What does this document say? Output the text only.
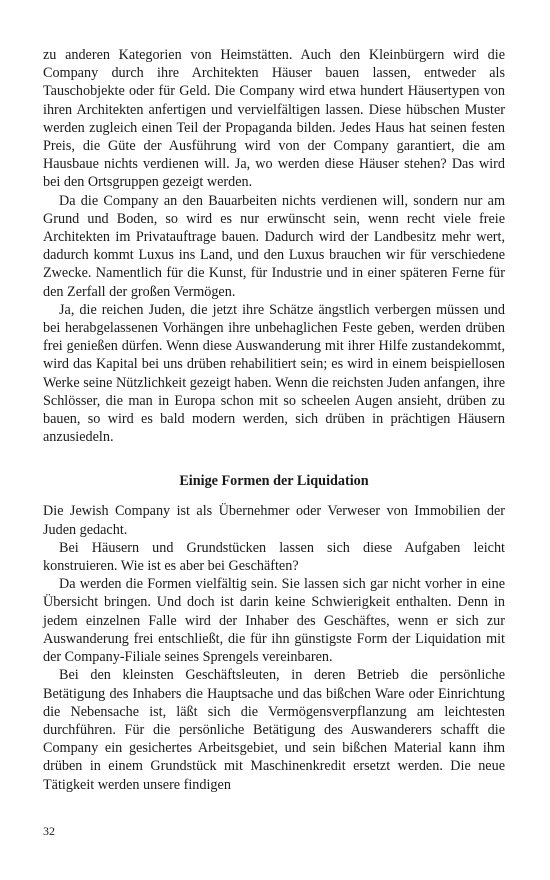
zu anderen Kategorien von Heimstätten. Auch den Kleinbürgern wird die Company durch ihre Architekten Häuser bauen lassen, entweder als Tauschobjekte oder für Geld. Die Company wird etwa hundert Häusertypen von ihren Architekten anfertigen und vervielfältigen lassen. Diese hübschen Muster werden zugleich einen Teil der Propaganda bilden. Jedes Haus hat seinen festen Preis, die Güte der Ausführung wird von der Company garantiert, die am Hausbaue nichts verdienen will. Ja, wo werden diese Häuser stehen? Das wird bei den Ortsgruppen gezeigt werden.

Da die Company an den Bauarbeiten nichts verdienen will, sondern nur am Grund und Boden, so wird es nur erwünscht sein, wenn recht viele freie Architekten im Privatauftrage bauen. Dadurch wird der Landbesitz mehr wert, dadurch kommt Luxus ins Land, und den Luxus brauchen wir für verschiedene Zwecke. Namentlich für die Kunst, für Industrie und in einer späteren Ferne für den Zerfall der großen Vermögen.

Ja, die reichen Juden, die jetzt ihre Schätze ängstlich verbergen müssen und bei herabgelassenen Vorhängen ihre unbehaglichen Feste geben, werden drüben frei genießen dürfen. Wenn diese Auswanderung mit ihrer Hilfe zustandekommt, wird das Kapital bei uns drüben rehabilitiert sein; es wird in einem beispiellosen Werke seine Nützlichkeit gezeigt haben. Wenn die reichsten Juden anfangen, ihre Schlösser, die man in Europa schon mit so scheelen Augen ansieht, drüben zu bauen, so wird es bald modern werden, sich drüben in prächtigen Häusern anzusiedeln.

Einige Formen der Liquidation

Die Jewish Company ist als Übernehmer oder Verweser von Immobilien der Juden gedacht.

Bei Häusern und Grundstücken lassen sich diese Aufgaben leicht konstruieren. Wie ist es aber bei Geschäften?

Da werden die Formen vielfältig sein. Sie lassen sich gar nicht vorher in eine Übersicht bringen. Und doch ist darin keine Schwierigkeit enthalten. Denn in jedem einzelnen Falle wird der Inhaber des Geschäftes, wenn er sich zur Auswanderung frei entschließt, die für ihn günstigste Form der Liquidation mit der Company-Filiale seines Sprengels vereinbaren.

Bei den kleinsten Geschäftsleuten, in deren Betrieb die persönliche Betätigung des Inhabers die Hauptsache und das bißchen Ware oder Einrichtung die Nebensache ist, läßt sich die Vermögensverpflanzung am leichtesten durchführen. Für die persönliche Betätigung des Auswanderers schafft die Company ein gesichertes Arbeitsgebiet, und sein bißchen Material kann ihm drüben in einem Grundstück mit Maschinenkredit ersetzt werden. Die neue Tätigkeit werden unsere findigen

32
